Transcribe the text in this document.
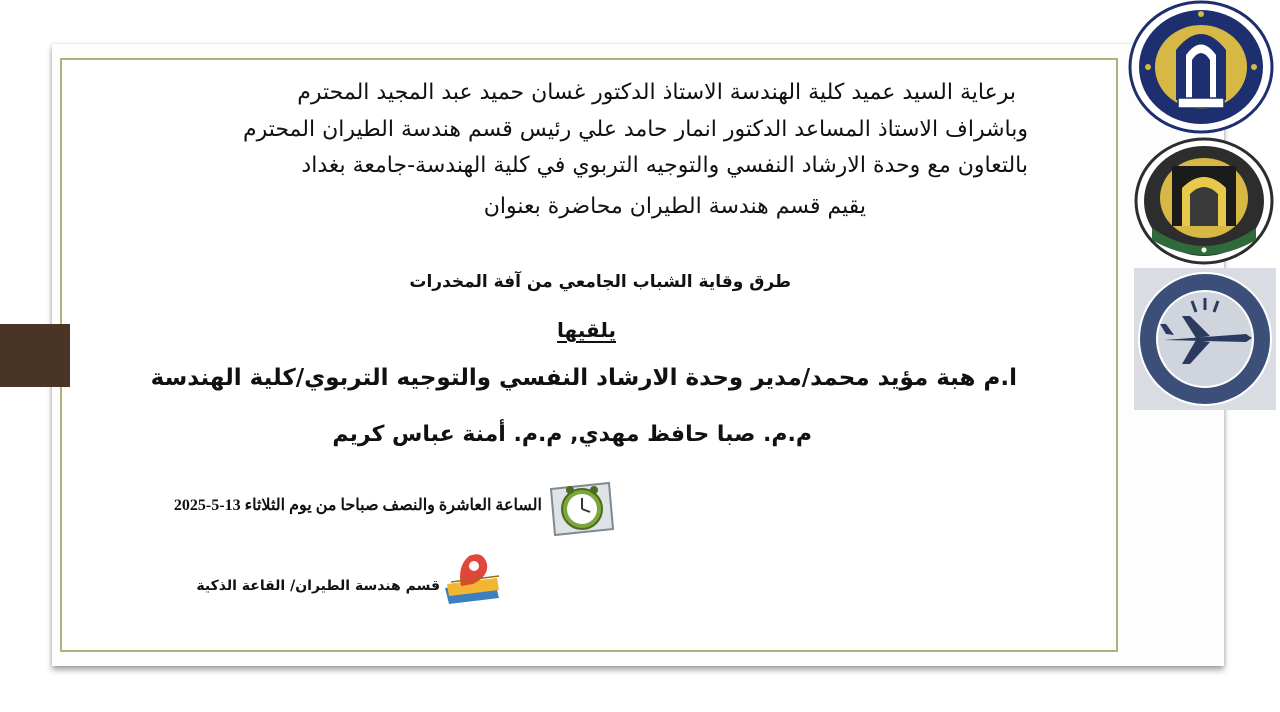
برعاية السيد عميد كلية الهندسة الاستاذ الدكتور غسان حميد عبد المجيد المحترم
وباشراف الاستاذ المساعد الدكتور انمار حامد علي رئيس قسم هندسة الطيران المحترم
بالتعاون مع وحدة الارشاد النفسي والتوجيه التربوي في كلية الهندسة-جامعة بغداد
يقيم قسم هندسة الطيران محاضرة بعنوان
طرق وقاية الشباب الجامعي من آفة المخدرات
يلقيها
ا.م هبة مؤيد محمد/مدير وحدة الارشاد النفسي والتوجيه التربوي/كلية الهندسة
م.م. صبا حافظ مهدي, م.م. أمنة عباس كريم
الساعة العاشرة والنصف صباحا من يوم الثلاثاء 13-5-2025
قسم هندسة الطيران/ القاعة الذكية
